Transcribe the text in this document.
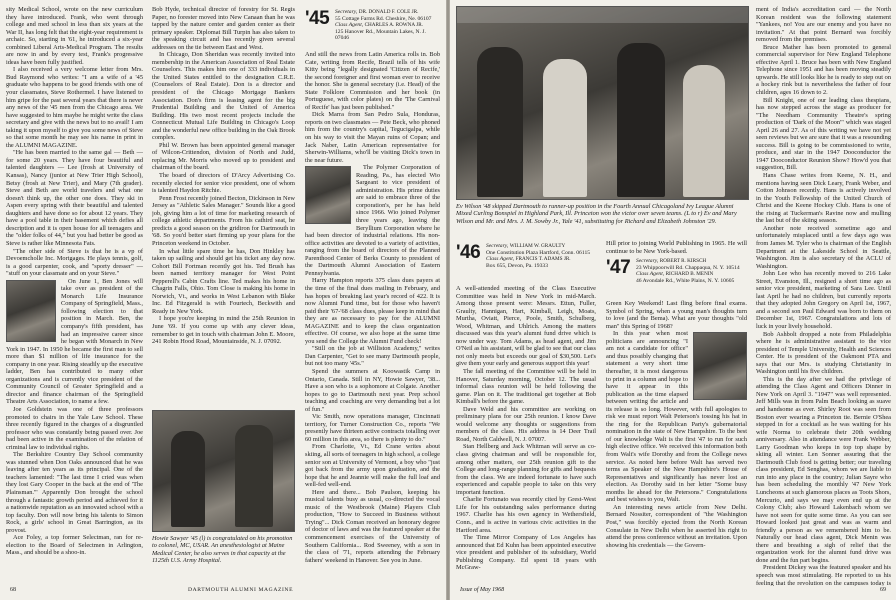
sity Medical School, wrote on the new curriculum they have introduced. Frank, who went through college and med school in less than six years at the War II, has long felt that the eight-year requirement is archaic. So, starting in '61, he introduced a six-year combined Liberal Arts-Medical Program. The results are now in and by every test, Frank's progressive ideas have been fully justified.

I also received a very welcome letter from Mrs. Bud Raymond who writes: "I am a wife of a '45 graduate who happens to be good friends with one of your classmates, Steve Rothermel. I have listened to him gripe for the past several years that there is never any news of the '45 men from the Chicago area. We have suggested to him maybe he might write the class secretary and give with the news but to no avail! I am taking it upon myself to give you some news of Steve so that some month he may see his name in print in the ALUMNI MAGAZINE.

"He has been married to the same gal — Beth — for some 20 years. They have four beautiful and talented daughters — Lee (frosh at University of Kansas), Nancy (junior at New Trier High School), Betsy (frosh at New Trier), and Mary (7th grader). Steve and Beth are world travelers and what one doesn't think up, the other one does. They ski in Aspen every spring with their beautiful and talented daughters and have done so for about 12 years. They have a pool table in their basement which defies all description and it is open house for all teenagers and the "older folks of 44," but you had better be good as Steve is rather like Minnesota Fats.

"The other side of Steve is that he is a vp of Devoemcholle Inc. Mortgages. He plays tennis, golf, is a good carpenter, cook, and "sporty dresser" — "stuff on your classmate and on your Steve."

On June 1, Ben Jones will take over as president of the Monarch Life Insurance Company of Springfield, Mass., following election to that position in March. Ben, the company's fifth president, has had an impressive career since he began with Monarch in New York in 1947. In 1950 he became the first man to sell more than $1 million of life insurance for the company in one year. Rising steadily up the executive ladder, Ben has contributed to many other organizations and is currently vice president of the Community Council of Greater Springfield and a director and finance chairman of the Springfield Theatre Arts Association, to name a few.

Joe Goldstein was one of three professors promoted to chairs in the Yale Law School. These three recently figured in the charges of a disgruntled professor who was constantly being passed over. Joe had been active in the examination of the relation of criminal law to individual rights.

The Berkshire Country Day School community was stunned when Don Oaks announced that he was leaving after ten years as its principal. One of the teachers lamented: "The last time I cried was when they lost Gary Cooper in the back at the end of 'The Plainsman.'" Apparently Don brought the school through a fantastic growth period and achieved for it a nationwide reputation as an innovated school with a top faculty. Don will now bring his talents to Simon Rock, a girls' school in Great Barrington, as its provost.

Ace Foley, a top former Selectman, ran for re-election to the Board of Selectmen in Arlington, Mass., and should be a shoo-in.

Bob Hyde, technical director of forestry for St. Regis Paper, no forester moved into New Canaan than he was tapped by the nature center and garden center as their primary speaker. Diplomat Bill Turpin has also taken to the speaking circuit and has recently given several addresses on the tie between East and West.

In Chicago, Don Sheridan was recently invited into membership in the American Association of Real Estate Counselors. This makes him one of 333 individuals in the United States entitled to the designation C.R.E. (Counselors of Real Estate). Don is a director and president of the Chicago Mortgage Bankers Association. Don's firm is leasing agent for the big Prudential Building and the United of America Building. His two most recent projects include the Connecticut Mutual Life Building in Chicago's Loop and the wonderful new office building in the Oak Brook complex.

Phil W. Brown has been appointed general manager of Wilcon-Crittendon, division of North and Judd, replacing Mr. Morris who moved up to president and chairman of the board.

The board of directors of D'Arcy Advertising Co. recently elected for senior vice president, one of whom is talented Haydon Ritchie.

Penn Frost recently joined Becton, Dickinson in New Jersey as "Athletic Sales Manager." Sounds like a good job, giving him a lot of time for marketing research of college athletic departments. From his cathird seat, he predicts a good season on the gridiron for Dartmouth in '68. So you'd better start firming up your plans for the Princeton weekend in October.

In what little spare time he has, Don Hinkley has taken up sailing and should get his ticket any day now. Cohort Bill Fortman recently got his. Ted Brush has been named territory manager for West Point Pepperell's Cabin Crafts line. Ted makes his home in Chagrin Falls, Ohio. Tom Close is making his home in Norwich, Vt., and works in West Lebanon with Blake Inc. Ed Fitzgerald is with Fourtech, Beckwith and Ready in New York.

I hope you're keeping in mind the 25th Reunion in June '69. If you come up with any clever ideas, remember to get in touch with chairman John E. Moore, 241 Robin Hood Road, Mountainside, N. J. 07092.

Howie Sawyer '45 (l) is congratulated on his promotion to colonel, MC, USAR. An anesthesiologist at Maine Medical Center, he also serves in that capacity at the 1125th U.S. Army Hospital.
'45 Secretary, DR. DONALD F. COLE JR.
55 Cottage Farms Rd. Cheshire, Ne. 06107
Class Agent, CHARLES A. ROWNA JR.
125 Hanover Rd., Mountain Lakes, N. J. 07046

And still the news from Latin America rolls in. Bob Cate, writing from Recife, Brazil tells of his wife Kitty being "legally designated 'Citizen of Recife,' the second foreigner and first woman ever to receive the honor. She is general secretary (i.e. Head) of the State Folklore Commission and her book (in Portuguese, with color plates) on the 'The Carnival of Recife' has just been published."

Dick Marra from San Pedro Sula, Honduras, reports on two classmates — Pete Beck, who phoned him from the country's capital, Tegucigalpa, while on his way to visit the Mayan ruins of Copan; and Jack Naber, Latin American representative for Sherwin-Williams, who'll be visiting Dick's town in the near future.

The Polymer Corporation of Reading, Pa., has elected Wio Sargeant to vice president of administration. His prime duties are said to embrace three of the corporation's, per he has held since 1966. Wio joined Polymer three years ago, leaving the Beryllium Corporation where he had been director of industrial relations. His non-office activities are devoted to a variety of activities, ranging from the board of directors of the Planned Parenthood Center of Berks County to president of the Dartmouth Alumni Association of Eastern Pennsylvania.

Harry Hampton reports 375 class dues payers at the time of the final dues mailing in February, and has hopes of breaking last year's record of 422. It is now Alumni Fund time, but for those who haven't paid their '67-'68 class dues, please keep in mind that they are as necessary to pay for the ALUMNI MAGAZINE and to keep the class organization effective. Of course, we also hope at the same time you send the College the Alumni Fund check!

"Still on the job at Williston Academy," writes Dan Carpenter, "Get to see many Dartmouth people, but not too many '45s."

Spend the summers at Koowastik Camp in Ontario, Canada. Still in NY, Howie Sawyer, '38... Have a son who is a sophomore at Colgate. Another hopes to go to Dartmouth next year. Prep school teaching and coaching are very demanding but a lot of fun."

Vic Smith, now operations manager, Cincinnati territory, for Turner Construction Co., reports "We presently have thirteen active contracts totalling over 60 million in this area, so there is plenty to do."

From Charlotte, Vt., Ed Crane writes about skiing, all sorts of teenagers in high school, a college senior son at University of Vermont, a boy who "just got back from the army upon graduation, and the hope that he and Jeannie will make the full loaf and well-fed well-end.

Here and there... Bob Paulson, keeping his musical talents busy as usual, co-directed the vocal music of the Westbrook (Maine) Players Club production, "How to Succeed in Business without Trying"... Dick Coman received an honorary degree of doctor of laws and was the featured speaker at the commencement exercises of the University of Southern California... Rod Sweeney, with a son in the class of '71, reports attending the February fathers' weekend in Hanover. See you in June.

68	DARTMOUTH ALUMNI MAGAZINE
Ev Wilson '48 skipped Dartmouth to runner-up position in the Fourth Annual Chicagoland Ivy League Alumni Mixed Curling Bonspiel in Highland Park, Ill. Princeton won the victor over seven teams. (L to r) Ev and Mary Wilson and Mr. and Mrs. J. M. Sowby Jr., Yale '41, substituting for Richard and Elizabeth Johnston '29.
'46 Secretary, WILLIAM W. GRAULTY
One Constitution Plaza Hartford, Conn. 06115
Class Agent, FRANCIS T. ADAMS JR.
Box 655, Devon, Pa. 19333

A well-attended meeting of the Class Executive Committee was held in New York in mid-March. Among those present were: Messrs. Ettun, Fuller, Graulty, Hannigan, Hart, Kimball, Leigh, Moats, Murtha, Oviatt, Pierce, Poole, Smith, Schulberg, Wood, Whitman, and Uhlrich. Among the matters discussed was this year's alumni fund drive which is now under way. Tom Adams, as head agent, and Jim O'Neil as his assistant, will be glad to see that our class not only meets but exceeds our goal of $30,500. Let's give them your early and generous support this year!

The fall meeting of the Committee will be held in Hanover, Saturday morning, October 12. The usual informal class reunion will be held following the game. Plan on it. The traditional get together at Bob Kimball's before the game.

Dave Weld and his committee are working on preliminary plans for our 25th reunion. I know Dave would welcome any thoughts or suggestions from members of the class. His address is 14 Deer Trail Road, North Caldwell, N. J. 07007.

Stan Hellberg and Jack Whitman will serve as co-class giving chairman and will be responsible for, among other matters, our 25th reunion gift to the College and long-range planning for gifts and bequests from the class. We are indeed fortunate to have such experienced and capable people to take on this very important function.

Charlie Fortunato was recently cited by Grest-West Life for his outstanding sales performance during 1967. Charlie has his own agency in Wethersfield, Conn., and is active in various civic activities in the Hartford area.

The Time Mirror Company of Los Angeles has announced that Ed Kuhn has been appointed executive vice president and publisher of its subsidiary, World Publishing Company. Ed spent 18 years with McGraw-

Hill prior to joining World Publishing in 1965. He will continue to be New York-based.

'47 Secretary, ROBERT R. KIRSCH
23 Whippoorwill Rd. Chappaqua, N. Y. 10514
Class Agent, RICHARD B. MENIN
46 Avondale Rd., White Plains, N. Y. 10605

Green Key Weekend! Last fling before final exams. Symbol of Spring, when a young man's thoughts turn to love (and the Bema). What are your thoughts "old man" this Spring of 1968?

In this year when most politicians are announcing "I am not a candidate for office" and thus possibly changing that statement a very short time thereafter, it is most dangerous to print in a column and hope to have it appear in this publication as the time elapsed between writing the article and its release is so long. However, with full apologies to risk we must report Walt Peterson's tossing his hat in the ring for the Republican Party's gubernatorial nomination in the state of New Hampshire. To the best of our knowledge Walt is the first '47 to run for such high elective office. We received this information both from Walt's wife Dorothy and from the College news service. As noted here before Walt has served two terms as Speaker of the New Hampshire's House of Representatives and significantly has never lost an election. As Dorothy said in her letter "Some busy months lie ahead for the Petersons." Congratulations and best wishes to you, Walt.

An interesting news article from New Delhi. Bernard Nossiter, correspondent of "the Washington Post," was forcibly ejected from the North Korean Consulate in New Delhi when he asserted his right to attend the press conference without an invitation. Upon showing his credentials — the Govern-

ment of India's accreditation card — the North Korean resident was the following statement "Yankees, no! You are our enemy and you have no invitation." At that point Bernard was forcibly removed from the premises.

Bruce Mather has been promoted to general commercial supervisor for New England Telephone effective April 1. Bruce has been with New England Telephone since 1951 and has been moving steadily upwards. He still looks like he is ready to step out on a hockey rink but is nevertheless the father of four children, ages 16 down to 2.

Bill Knight, one of our leading class thespians, has now stepped across the stage as producer for "The Needham Community Theatre's spring production of 'Dark of the Moon'" which was staged April 26 and 27. As of this writing we have not yet seen reviews but we are sure that it was a resounding success. Bill is going to be commissioned to write, produce, and star in the 1947 Dooconductor the 1947 Dooconductor Reunion Show? How'd you that suggestion, Bill.

Hans Chase writes from Keene, N. H., and mentions having seen Dick Leary, Frank Weber, and Cotton Johnson recently. Hans is actively involved in the Youth Fellowship of the United Church of Christ and the Keene Hockey Club. Hans is one of the rising at Tuckerman's Ravine now and mulling the last but of the skiing season.

Another note received sometime ago and unfortunately misplaced until a few days ago was from James M. Tyler who is chairman of the English Department at the Lakeside School in Seattle, Washington. Jim is also secretary of the ACLU of Washington.

John Lee who has recently moved to 216 Lake Street, Evanston, Ill., resigned a short time ago as senior vice president, marketing of Sara Lee. Until last April he had no children, but currently reports that they adopted John Gregory on April 1st, 1967, and a second son Paul Edward was born to them on December 1st, 1967. Congratulations and lots of luck in your lively household.

Bob Ashbolt dropped a note from Philadelphia where he is administrative assistant to the vice president of Temple University, Health and Sciences Center. He is president of the Oakmont PTA and says that our Mrs. is studying Christianity in Washington until his five children.

This is the day after we had the privilege of attending the Class Agent and Officers Dinner in New York on April 3. "1947" was well represented. Jeff Mills was in from Palm Beach looking as suave and handsome as ever. Shirley Root was seen from Boston ever wearing a Princeton tie. Bernie O'Shea stepped in for a cocktail as he was waiting for his wife Norma to celebrate their 20th wedding anniversary. Also in attendance were Frank Webber, Larry Goodman who keeps in top top shape by skiing all winter. Len Sonner assuring that the Dartmouth Club food is getting better; our traveling class president, Ed Senghas, whom we are liable to run into any place in the country; Julian Sayre who has been scheduling the monthly '47 New York Luncheons at such glamorous places as Toots Shors, Mercurio, and says we may even end up at the Colony Club; also Howard Lakenbach whom we have not seen for quite some time. As you can see Howard looked just great and was as warm and friendly a person as we remembered him to be. Naturally our head class agent, Dick Menin was there and breathing a sigh of relief that the organization work for the alumni fund drive was done and the fun part begins.

President Dickey was the featured speaker and his speech was most stimulating. He reported to us his feeling that the revolution on the campuses today is

Issue of May 1968	69
